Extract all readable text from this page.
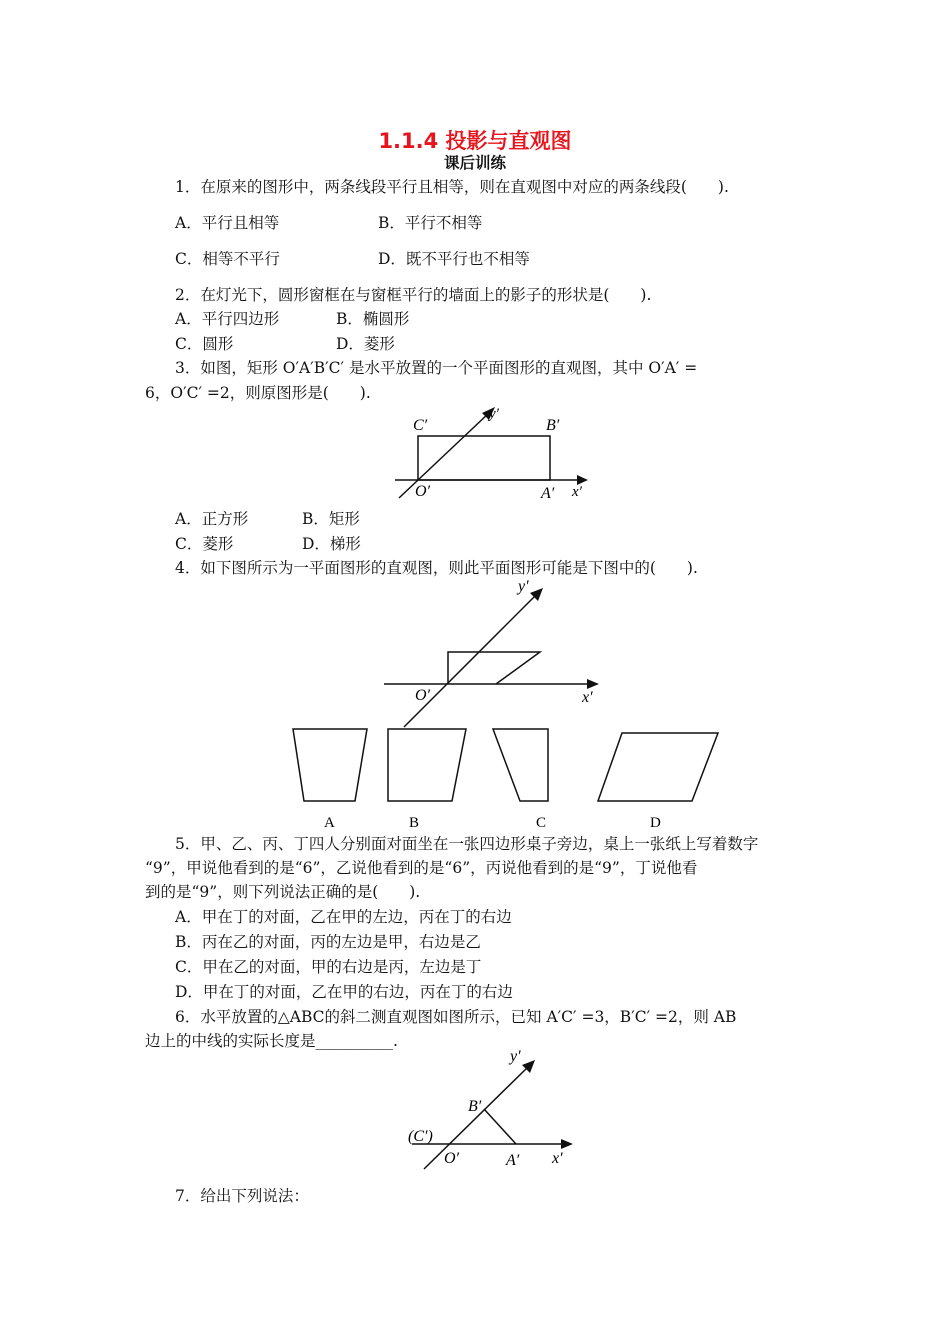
1.1.4 投影与直观图
课后训练
1．在原来的图形中，两条线段平行且相等，则在直观图中对应的两条线段(　　).
A．平行且相等	B．平行不相等
C．相等不平行	D．既不平行也不相等
2．在灯光下，圆形窗框在与窗框平行的墙面上的影子的形状是(　　).
A．平行四边形	B．椭圆形
C．圆形	D．菱形
3．如图，矩形 O′A′B′C′ 是水平放置的一个平面图形的直观图，其中 O′A′ =
6，O′C′ =2，则原图形是(　　).
C′	B′
y′
O′	A′ x′
A．正方形	B．矩形
C．菱形	D．梯形
4．如下图所示为一平面图形的直观图，则此平面图形可能是下图中的(　　).
y′
O′	x′
A	B	C	D
5．甲、乙、丙、丁四人分别面对面坐在一张四边形桌子旁边，桌上一张纸上写着数字
“9”，甲说他看到的是“6”，乙说他看到的是“6”，丙说他看到的是“9”，丁说他看
到的是“9”，则下列说法正确的是(　　).
A．甲在丁的对面，乙在甲的左边，丙在丁的右边
B．丙在乙的对面，丙的左边是甲，右边是乙
C．甲在乙的对面，甲的右边是丙，左边是丁
D．甲在丁的对面，乙在甲的右边，丙在丁的右边
6．水平放置的△ABC的斜二测直观图如图所示，已知 A′C′ =3，B′C′ =2，则 AB
边上的中线的实际长度是__________.
y′
B′
(C′)
O′	A′ x′
7．给出下列说法：
